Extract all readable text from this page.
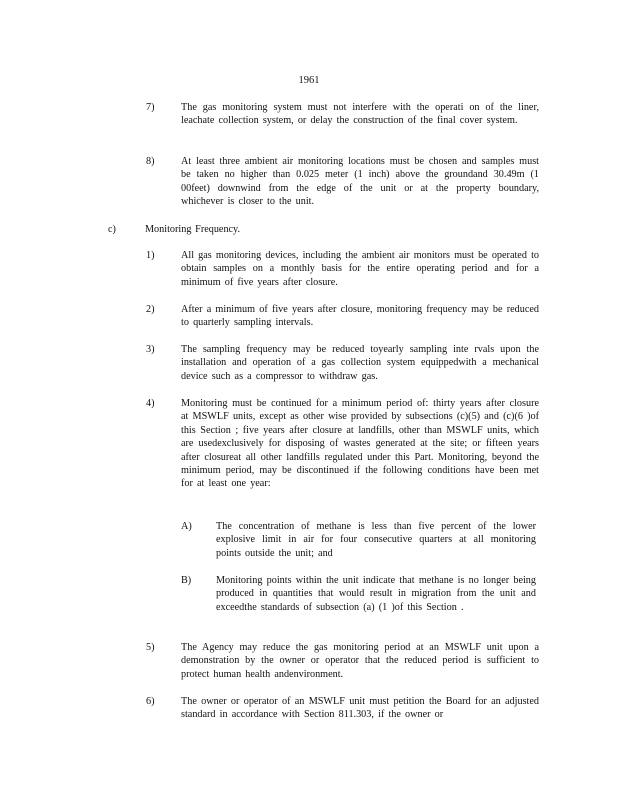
1961
7)	The gas monitoring system must not interfere with the operati on of the liner, leachate collection system, or delay the construction of the final cover system.
8)	At least three ambient air monitoring locations must be chosen and samples must be taken no higher than 0.025 meter (1 inch) above the groundand 30.49m (1 00feet) downwind from the edge of the unit or at the property boundary, whichever is closer to the unit.
c)	Monitoring Frequency.
1)	All gas monitoring devices, including the ambient air monitors must be operated to obtain samples on a monthly basis for the entire operating period and for a minimum of five years after closure.
2)	After a minimum of five years after closure, monitoring frequency may be reduced to quarterly sampling intervals.
3)	The sampling frequency may be reduced toyearly sampling inte rvals upon the installation and operation of a gas collection system equippedwith a mechanical device such as a compressor to withdraw gas.
4)	Monitoring must be continued for a minimum period of: thirty years after closure at MSWLF units, except as other wise provided by subsections (c)(5) and (c)(6 )of this Section ; five years after closure at landfills, other than MSWLF units, which are usedexclusively for disposing of wastes generated at the site; or fifteen years after closureat all other landfills regulated under this Part. Monitoring, beyond the minimum period, may be discontinued if the following conditions have been met for at least one year:
A) The concentration of methane is less than five percent of the lower explosive limit in air for four consecutive quarters at all monitoring points outside the unit; and
B) Monitoring points within the unit indicate that methane is no longer being produced in quantities that would result in migration from the unit and exceedthe standards of subsection (a) (1 )of this Section .
5)	The Agency may reduce the gas monitoring period at an MSWLF unit upon a demonstration by the owner or operator that the reduced period is sufficient to protect human health andenvironment.
6)	The owner or operator of an MSWLF unit must petition the Board for an adjusted standard in accordance with Section 811.303, if the owner or
